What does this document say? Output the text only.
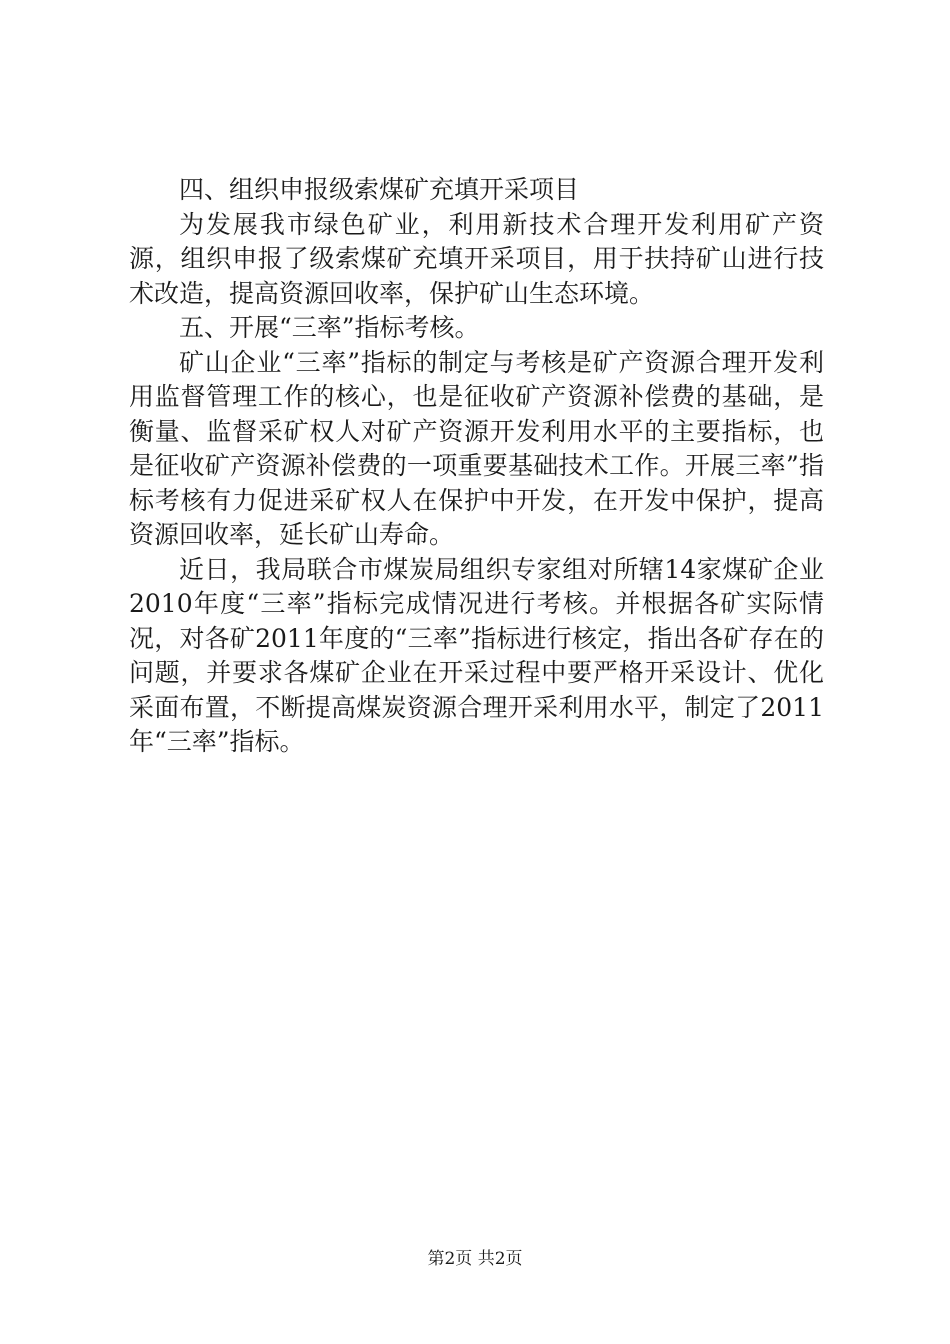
四、组织申报级索煤矿充填开采项目

为发展我市绿色矿业，利用新技术合理开发利用矿产资源，组织申报了级索煤矿充填开采项目，用于扶持矿山进行技术改造，提高资源回收率，保护矿山生态环境。

五、开展“三率”指标考核。

矿山企业“三率”指标的制定与考核是矿产资源合理开发利用监督管理工作的核心，也是征收矿产资源补偿费的基础，是衡量、监督采矿权人对矿产资源开发利用水平的主要指标，也是征收矿产资源补偿费的一项重要基础技术工作。开展三率”指标考核有力促进采矿权人在保护中开发，在开发中保护，提高资源回收率，延长矿山寿命。

近日，我局联合市煤炭局组织专家组对所辖14家煤矿企业2010年度“三率”指标完成情况进行考核。并根据各矿实际情况，对各矿2011年度的“三率”指标进行核定，指出各矿存在的问题，并要求各煤矿企业在开采过程中要严格开采设计、优化采面布置，不断提高煤炭资源合理开采利用水平，制定了2011年“三率”指标。

第2页 共2页
